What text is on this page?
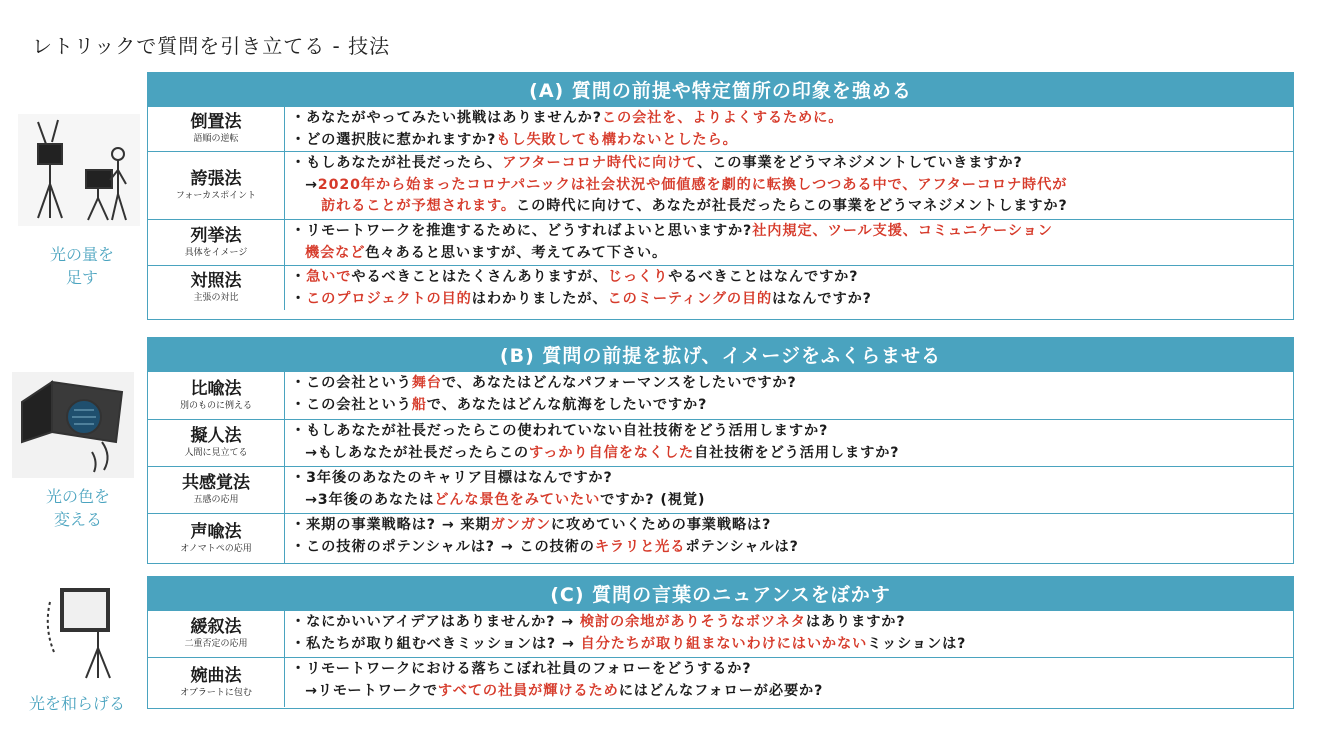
レトリックで質問を引き立てる - 技法
光の量を
足す
光の色を
変える
光を和らげる
(A) 質問の前提や特定箇所の印象を強める
倒置法
語順の逆転
・あなたがやってみたい挑戦はありませんか?この会社を、よりよくするために。
・どの選択肢に惹かれますか?もし失敗しても構わないとしたら。
誇張法
フォーカスポイント
・もしあなたが社長だったら、アフターコロナ時代に向けて、この事業をどうマネジメントしていきますか?
→2020年から始まったコロナパニックは社会状況や価値感を劇的に転換しつつある中で、アフターコロナ時代が
訪れることが予想されます。この時代に向けて、あなたが社長だったらこの事業をどうマネジメントしますか?
列挙法
具体をイメージ
・リモートワークを推進するために、どうすればよいと思いますか?社内規定、ツール支援、コミュニケーション
機会など色々あると思いますが、考えてみて下さい。
対照法
主張の対比
・急いでやるべきことはたくさんありますが、じっくりやるべきことはなんですか?
・このプロジェクトの目的はわかりましたが、このミーティングの目的はなんですか?
(B) 質問の前提を拡げ、イメージをふくらませる
比喩法
別のものに例える
・この会社という舞台で、あなたはどんなパフォーマンスをしたいですか?
・この会社という船で、あなたはどんな航海をしたいですか?
擬人法
人間に見立てる
・もしあなたが社長だったらこの使われていない自社技術をどう活用しますか?
→もしあなたが社長だったらこのすっかり自信をなくした自社技術をどう活用しますか?
共感覚法
五感の応用
・3年後のあなたのキャリア目標はなんですか?
→3年後のあなたはどんな景色をみていたいですか? (視覚)
声喩法
オノマトペの応用
・来期の事業戦略は? → 来期ガンガンに攻めていくための事業戦略は?
・この技術のポテンシャルは? → この技術のキラリと光るポテンシャルは?
(C) 質問の言葉のニュアンスをぼかす
緩叙法
二重否定の応用
・なにかいいアイデアはありませんか? → 検討の余地がありそうなボツネタはありますか?
・私たちが取り組むべきミッションは? → 自分たちが取り組まないわけにはいかないミッションは?
婉曲法
オブラートに包む
・リモートワークにおける落ちこぼれ社員のフォローをどうするか?
→リモートワークですべての社員が輝けるためにはどんなフォローが必要か?
